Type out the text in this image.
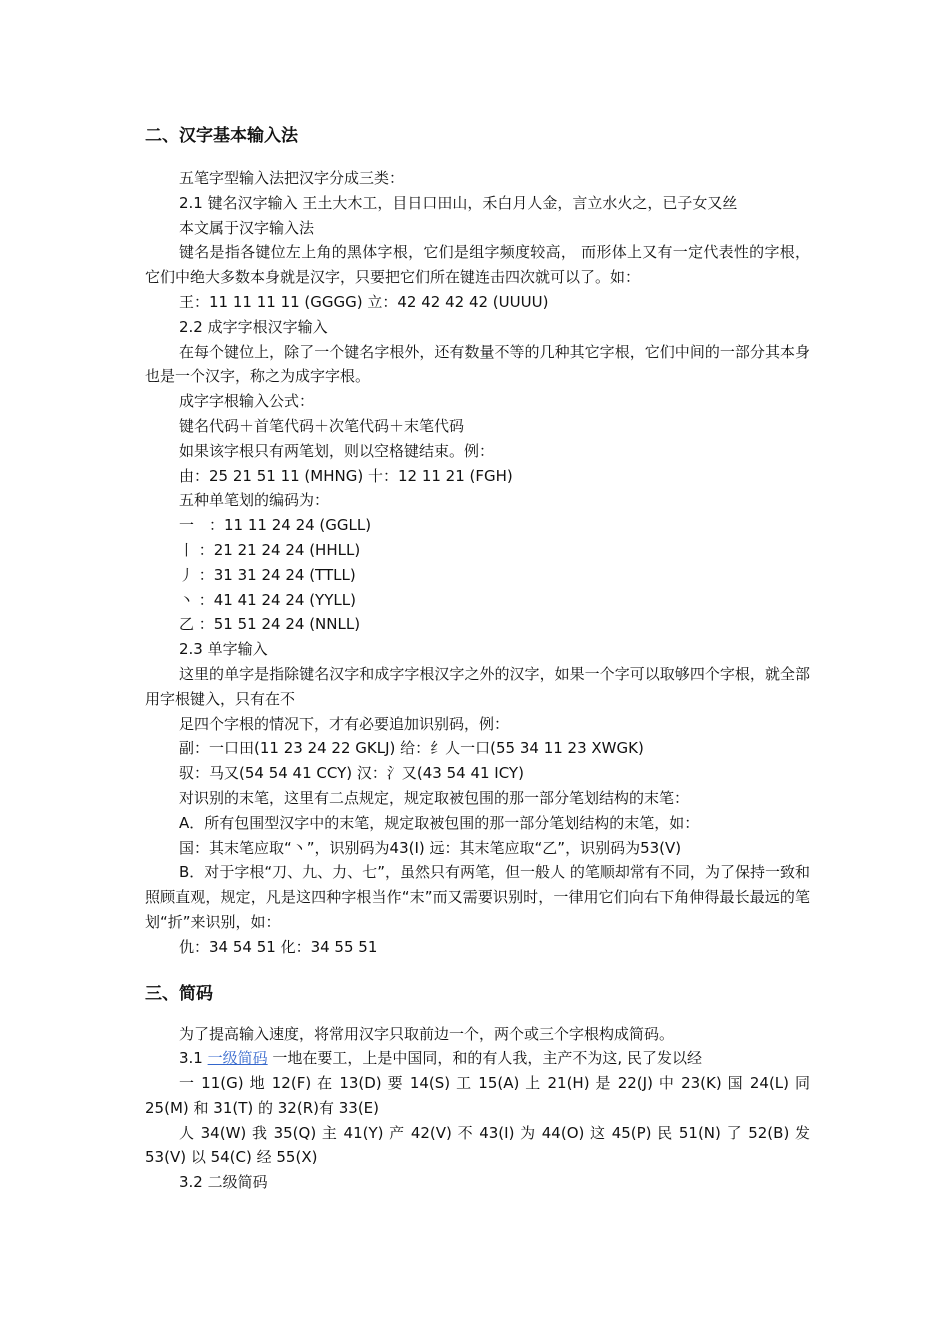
二、汉字基本输入法

五笔字型输入法把汉字分成三类：

2.1 键名汉字输入 王土大木工，目日口田山，禾白月人金，言立水火之，已子女又丝

本文属于汉字输入法

键名是指各键位左上角的黑体字根，它们是组字频度较高， 而形体上又有一定代表性的字根，它们中绝大多数本身就是汉字，只要把它们所在键连击四次就可以了。如：

王：11 11 11 11 (GGGG) 立：42 42 42 42 (UUUU)

2.2 成字字根汉字输入

在每个键位上，除了一个键名字根外，还有数量不等的几种其它字根，它们中间的一部分其本身也是一个汉字，称之为成字字根。

成字字根输入公式：

键名代码＋首笔代码＋次笔代码＋末笔代码

如果该字根只有两笔划，则以空格键结束。例：

由：25 21 51 11 (MHNG) 十：12 11 21 (FGH)

五种单笔划的编码为：

一　：11 11 24 24 (GGLL)

丨 ：21 21 24 24 (HHLL)

丿 ：31 31 24 24 (TTLL)

丶 ：41 41 24 24 (YYLL)

乙 ：51 51 24 24 (NNLL)

2.3 单字输入

这里的单字是指除键名汉字和成字字根汉字之外的汉字，如果一个字可以取够四个字根，就全部用字根键入，只有在不

足四个字根的情况下，才有必要追加识别码，例：

副：一口田(11 23 24 22 GKLJ) 给：纟人一口(55 34 11 23 XWGK)

驭：马又(54 54 41 CCY) 汉：氵又(43 54 41 ICY)

对识别的末笔，这里有二点规定，规定取被包围的那一部分笔划结构的末笔：

A．所有包围型汉字中的末笔，规定取被包围的那一部分笔划结构的末笔，如：

国：其末笔应取“丶”，识别码为43(I) 远：其末笔应取“乙”，识别码为53(V)

B．对于字根“刀、九、力、七”，虽然只有两笔，但一般人 的笔顺却常有不同，为了保持一致和照顾直观，规定，凡是这四种字根当作“末”而又需要识别时，一律用它们向右下角伸得最长最远的笔划“折”来识别，如：

仇：34 54 51 化：34 55 51

三、简码

为了提高输入速度，将常用汉字只取前边一个，两个或三个字根构成简码。

3.1 一级简码 一地在要工，上是中国同，和的有人我，主产不为这, 民了发以经

一 11(G) 地 12(F) 在 13(D) 要 14(S) 工 15(A) 上 21(H) 是 22(J) 中 23(K) 国 24(L) 同 25(M) 和 31(T) 的 32(R)有 33(E)

人 34(W) 我 35(Q) 主 41(Y) 产 42(V) 不 43(I) 为 44(O) 这 45(P) 民 51(N) 了 52(B) 发 53(V) 以 54(C) 经 55(X)

3.2 二级简码
